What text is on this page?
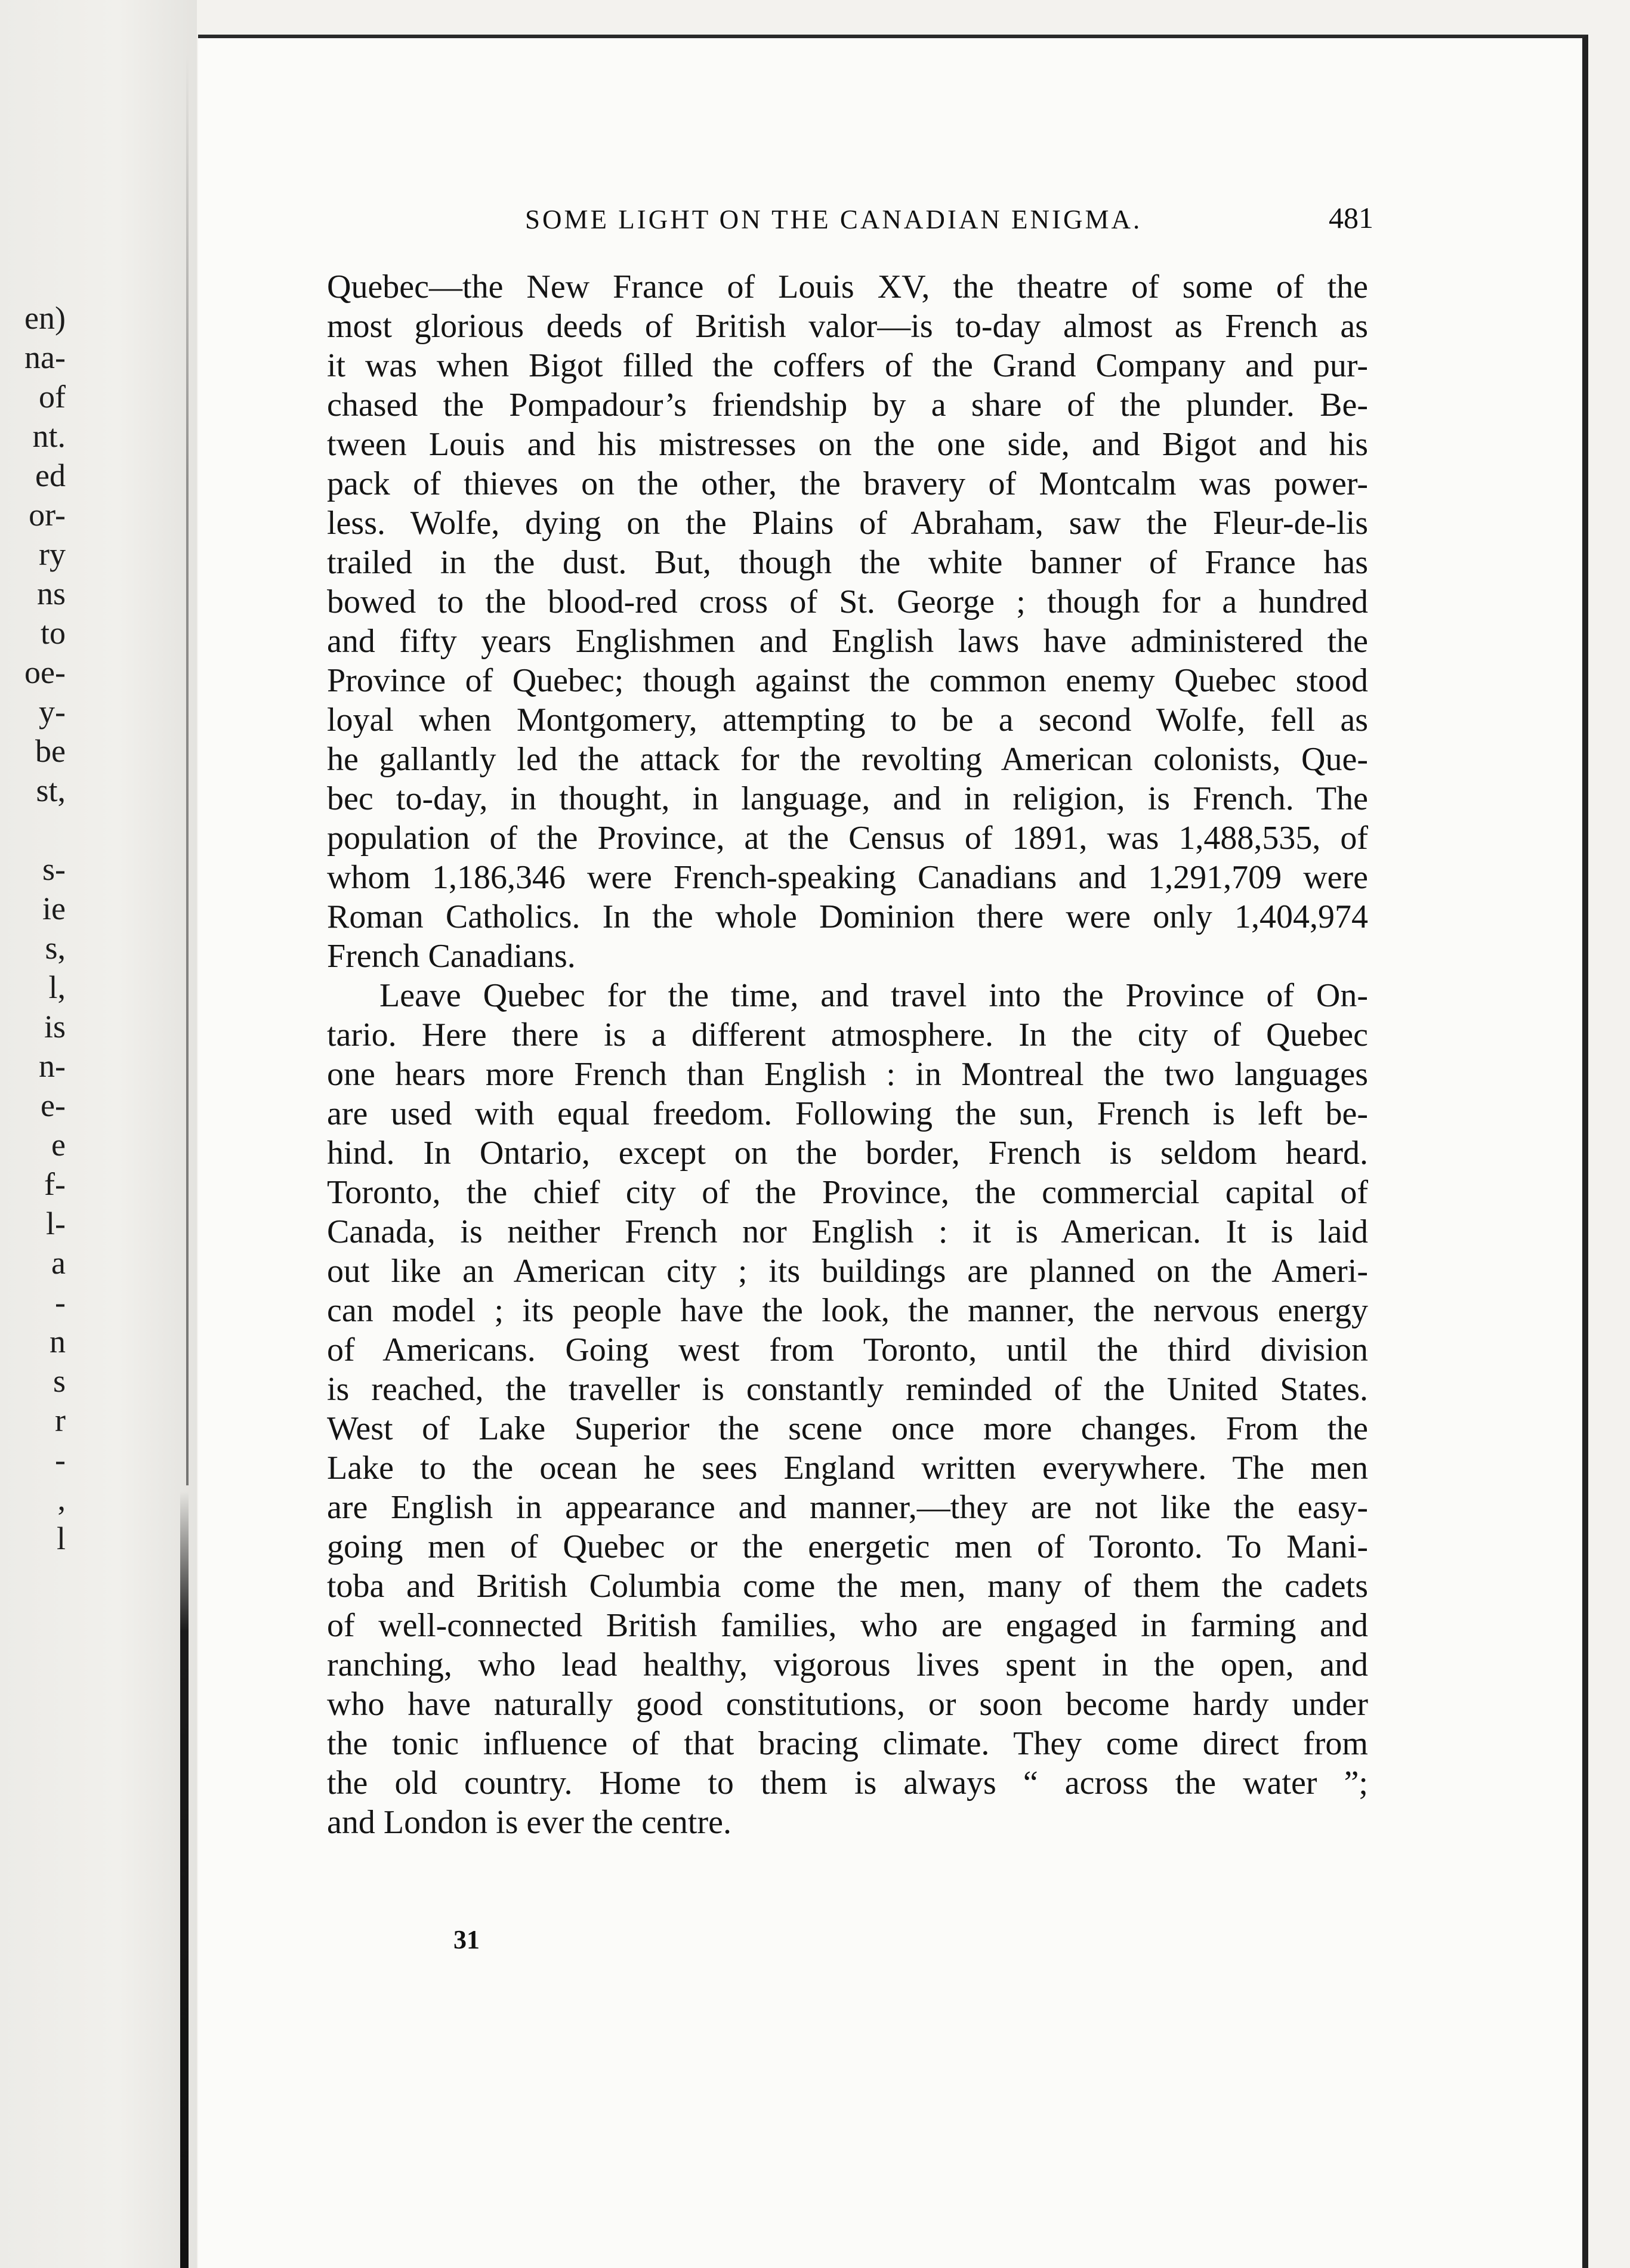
en)
na-
of
nt.
ed
or-
ry
ns
to
oe-
y-
be
st,
s-
ie
s,
l,
is
n-
e-
e
f-
l-
a
-
n
s
r
-
,
l
SOME LIGHT ON THE CANADIAN ENIGMA.	481
Quebec—the New France of Louis XV, the theatre of some of the
most glorious deeds of British valor—is to-day almost as French as
it was when Bigot filled the coffers of the Grand Company and pur-
chased the Pompadour’s friendship by a share of the plunder. Be-
tween Louis and his mistresses on the one side, and Bigot and his
pack of thieves on the other, the bravery of Montcalm was power-
less. Wolfe, dying on the Plains of Abraham, saw the Fleur-de-lis
trailed in the dust. But, though the white banner of France has
bowed to the blood-red cross of St. George ; though for a hundred
and fifty years Englishmen and English laws have administered the
Province of Quebec; though against the common enemy Quebec stood
loyal when Montgomery, attempting to be a second Wolfe, fell as
he gallantly led the attack for the revolting American colonists, Que-
bec to-day, in thought, in language, and in religion, is French. The
population of the Province, at the Census of 1891, was 1,488,535, of
whom 1,186,346 were French-speaking Canadians and 1,291,709 were
Roman Catholics. In the whole Dominion there were only 1,404,974
French Canadians.
Leave Quebec for the time, and travel into the Province of On-
tario. Here there is a different atmosphere. In the city of Quebec
one hears more French than English : in Montreal the two languages
are used with equal freedom. Following the sun, French is left be-
hind. In Ontario, except on the border, French is seldom heard.
Toronto, the chief city of the Province, the commercial capital of
Canada, is neither French nor English : it is American. It is laid
out like an American city ; its buildings are planned on the Ameri-
can model ; its people have the look, the manner, the nervous energy
of Americans. Going west from Toronto, until the third division
is reached, the traveller is constantly reminded of the United States.
West of Lake Superior the scene once more changes. From the
Lake to the ocean he sees England written everywhere. The men
are English in appearance and manner,—they are not like the easy-
going men of Quebec or the energetic men of Toronto. To Mani-
toba and British Columbia come the men, many of them the cadets
of well-connected British families, who are engaged in farming and
ranching, who lead healthy, vigorous lives spent in the open, and
who have naturally good constitutions, or soon become hardy under
the tonic influence of that bracing climate. They come direct from
the old country. Home to them is always “ across the water ”;
and London is ever the centre.
31
